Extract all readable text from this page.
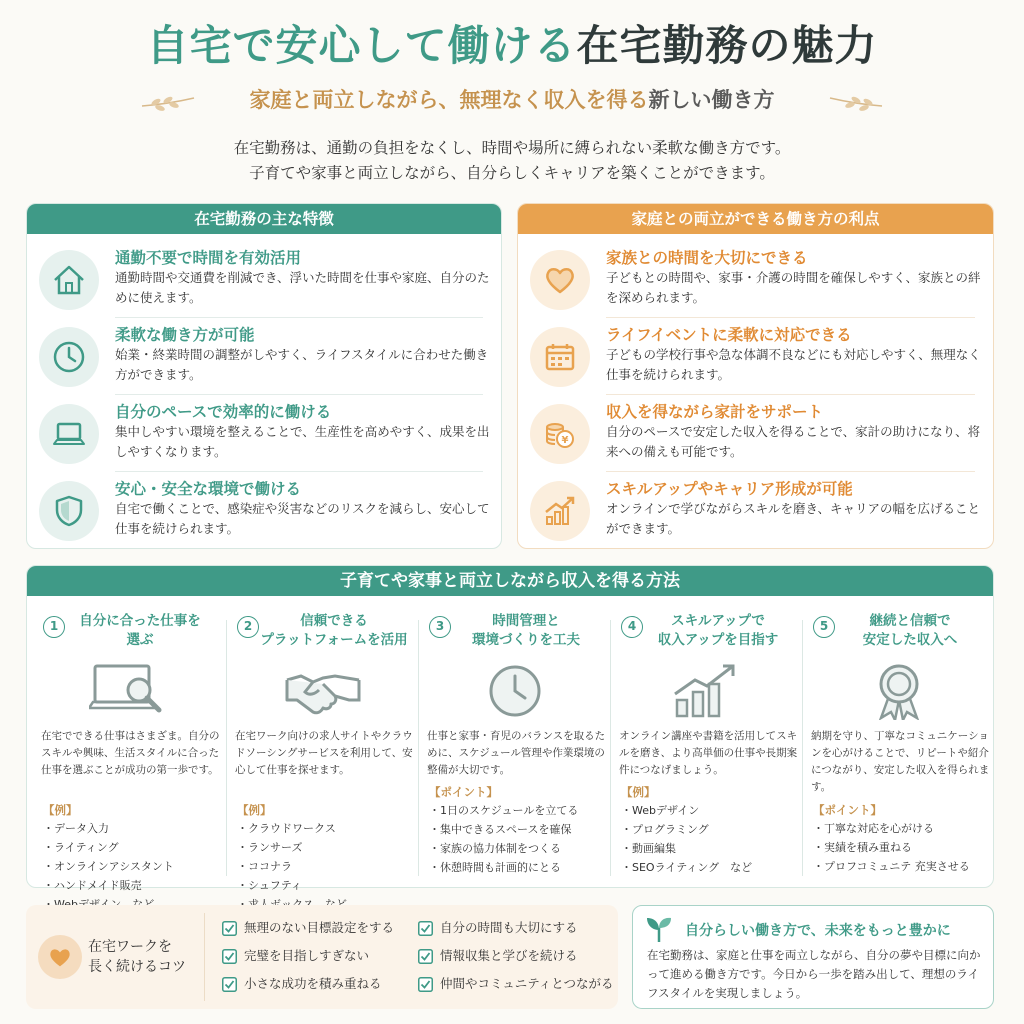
自宅で安心して働ける在宅勤務の魅力
家庭と両立しながら、無理なく収入を得る新しい働き方
在宅勤務は、通勤の負担をなくし、時間や場所に縛られない柔軟な働き方です。
子育てや家事と両立しながら、自分らしくキャリアを築くことができます。
在宅勤務の主な特徴
通勤不要で時間を有効活用
通勤時間や交通費を削減でき、浮いた時間を仕事や家庭、自分のために使えます。
柔軟な働き方が可能
始業・終業時間の調整がしやすく、ライフスタイルに合わせた働き方ができます。
自分のペースで効率的に働ける
集中しやすい環境を整えることで、生産性を高めやすく、成果を出しやすくなります。
安心・安全な環境で働ける
自宅で働くことで、感染症や災害などのリスクを減らし、安心して仕事を続けられます。
家庭との両立ができる働き方の利点
家族との時間を大切にできる
子どもとの時間や、家事・介護の時間を確保しやすく、家族との絆を深められます。
ライフイベントに柔軟に対応できる
子どもの学校行事や急な体調不良などにも対応しやすく、無理なく仕事を続けられます。
¥
収入を得ながら家計をサポート
自分のペースで安定した収入を得ることで、家計の助けになり、将来への備えも可能です。
スキルアップやキャリア形成が可能
オンラインで学びながらスキルを磨き、キャリアの幅を広げることができます。
子育てや家事と両立しながら収入を得る方法
1	自分に合った仕事を
選ぶ
在宅でできる仕事はさまざま。自分のスキルや興味、生活スタイルに合った仕事を選ぶことが成功の第一歩です。
【例】
・ データ入力
・ ライティング
・ オンラインアシスタント
・ ハンドメイド販売
・
2	信頼できる
プラットフォームを活用
在宅ワーク向けの求人サイトやクラウドソーシングサービスを利用して、安心して仕事を探せます。
【例】
・ クラウドワークス
・ ランサーズ
・ ココナラ
・ シュフティ
・
3	時間管理と
環境づくりを工夫
仕事と家事・育児のバランスを取るために、スケジュール管理や作業環境の整備が大切です。
【ポイント】
・ 1日のスケジュールを立てる
・ 集中できるスペースを確保
・ 家族の協力体制をつくる
・ 休憩時間も計画的にとる
4	スキルアップで
収入アップを目指す
オンライン講座や書籍を活用してスキルを磨き、より高単価の仕事や長期案件につなげましょう。
【例】
・ Webデザイン
・ プログラミング
・ 動画編集
・ SEOライティング　など
5	継続と信頼で
安定した収入へ
納期を守り、丁寧なコミュニケーションを心がけることで、リピートや紹介につながり、安定した収入を得られます。
【ポイント】
・ 丁寧な対応を心がける
・ 実績を積み重ねる
・ プロフコミュニテ 充実させる
在宅ワークを
長く続けるコツ
無理のない目標設定をする	自分の時間も大切にする
完璧を目指しすぎない	情報収集と学びを続ける
小さな成功を積み重ねる	仲間やコミュニティとつながる
自分らしい働き方で、未来をもっと豊かに
在宅勤務は、家庭と仕事を両立しながら、自分の夢や目標に向かって進める働き方です。今日から一歩を踏み出して、理想のライフスタイルを実現しましょう。
